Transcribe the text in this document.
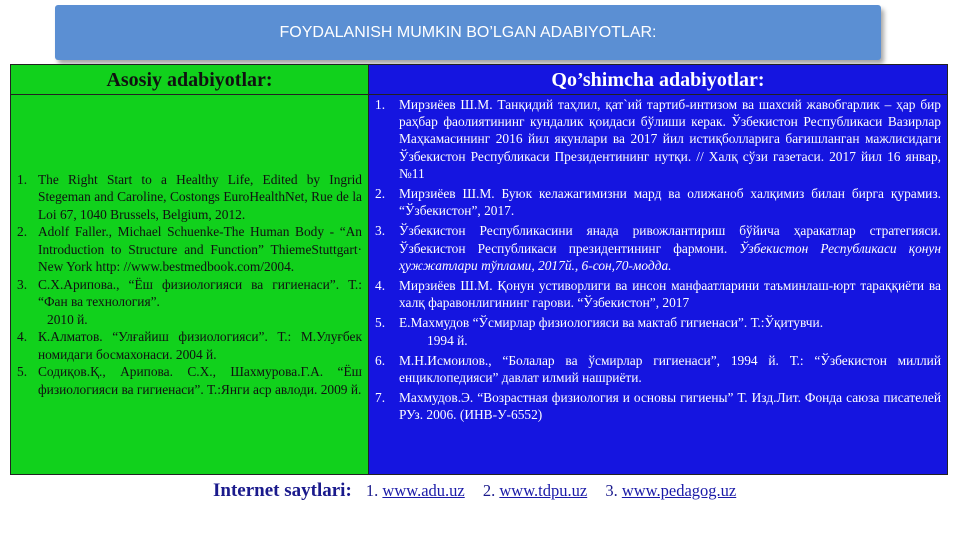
FOYDALANISH MUMKIN BO’LGAN ADABIYOTLAR:
Asosiy adabiyotlar:
1. The Right Start to a Healthy Life, Edited by Ingrid Stegeman and Caroline, Costongs EuroHealthNet, Rue de la Loi 67, 1040 Brussels, Belgium, 2012.
2. Adolf Faller., Michael Schuenke-The Human Body - “An Introduction to Structure and Function” ThiemeStuttgart· New York http: //www.bestmedbook.com/2004.
3. С.Х.Арипова., “Ёш физиологияси ва гигиенаси”. Т.: “Фан ва технология”.
2010 й.
4. К.Алматов. “Улғайиш физиологияси”. Т.: М.Улуғбек номидаги босмахонаси. 2004 й.
5. Содиқов.Қ., Арипова. С.Х., Шахмурова.Г.А. “Ёш физиологияси ва гигиенаси”. Т.:Янги аср авлоди. 2009 й.
Qo’shimcha adabiyotlar:
1.	Мирзиёев Ш.М. Танқидий таҳлил, қат`ий тартиб-интизом ва шахсий жавобгарлик – ҳар бир раҳбар фаолиятининг кундалик қоидаси бўлиши керак. Ўзбекистон Республикаси Вазирлар Маҳкамасининг 2016 йил якунлари ва 2017 йил истиқболларига бағишланган мажлисидаги Ўзбекистон Республикаси Президентининг нутқи. // Халқ сўзи газетаси. 2017 йил 16 январ, №11
2.	Мирзиёев Ш.М. Буюк келажагимизни мард ва олижаноб халқимиз билан бирга қурамиз. “Ўзбекистон”, 2017.
3.	Ўзбекистон Республикасини янада ривожлантириш бўйича ҳаракатлар стратегияси. Ўзбекистон Республикаси президентининг фармони. Ўзбекистон Республикаси қонун ҳужжатлари тўплами, 2017й., 6-сон,70-модда.
4.	Мирзиёев Ш.М. Қонун устиворлиги ва инсон манфаатларини таъминлаш-юрт тараққиёти ва халқ фаравонлигининг гарови. “Ўзбекистон”, 2017
5.	Е.Махмудов “Ўсмирлар физиологияси ва мактаб гигиенаси”. Т.:Ўқитувчи.
1994 й.
6.	М.Н.Исмоилов., “Болалар ва ўсмирлар гигиенаси”, 1994 й. Т.: “Ўзбекистон миллий енциклопедияси” давлат илмий нашриёти.
7.	Махмудов.Э. “Возрастная физиология и основы гигиены” Т. Изд.Лит. Фонда саюза писателей РУз. 2006. (ИНВ-У-6552)
Internet saytlari: 1. www.adu.uz 2. www.tdpu.uz 3. www.pedagog.uz
